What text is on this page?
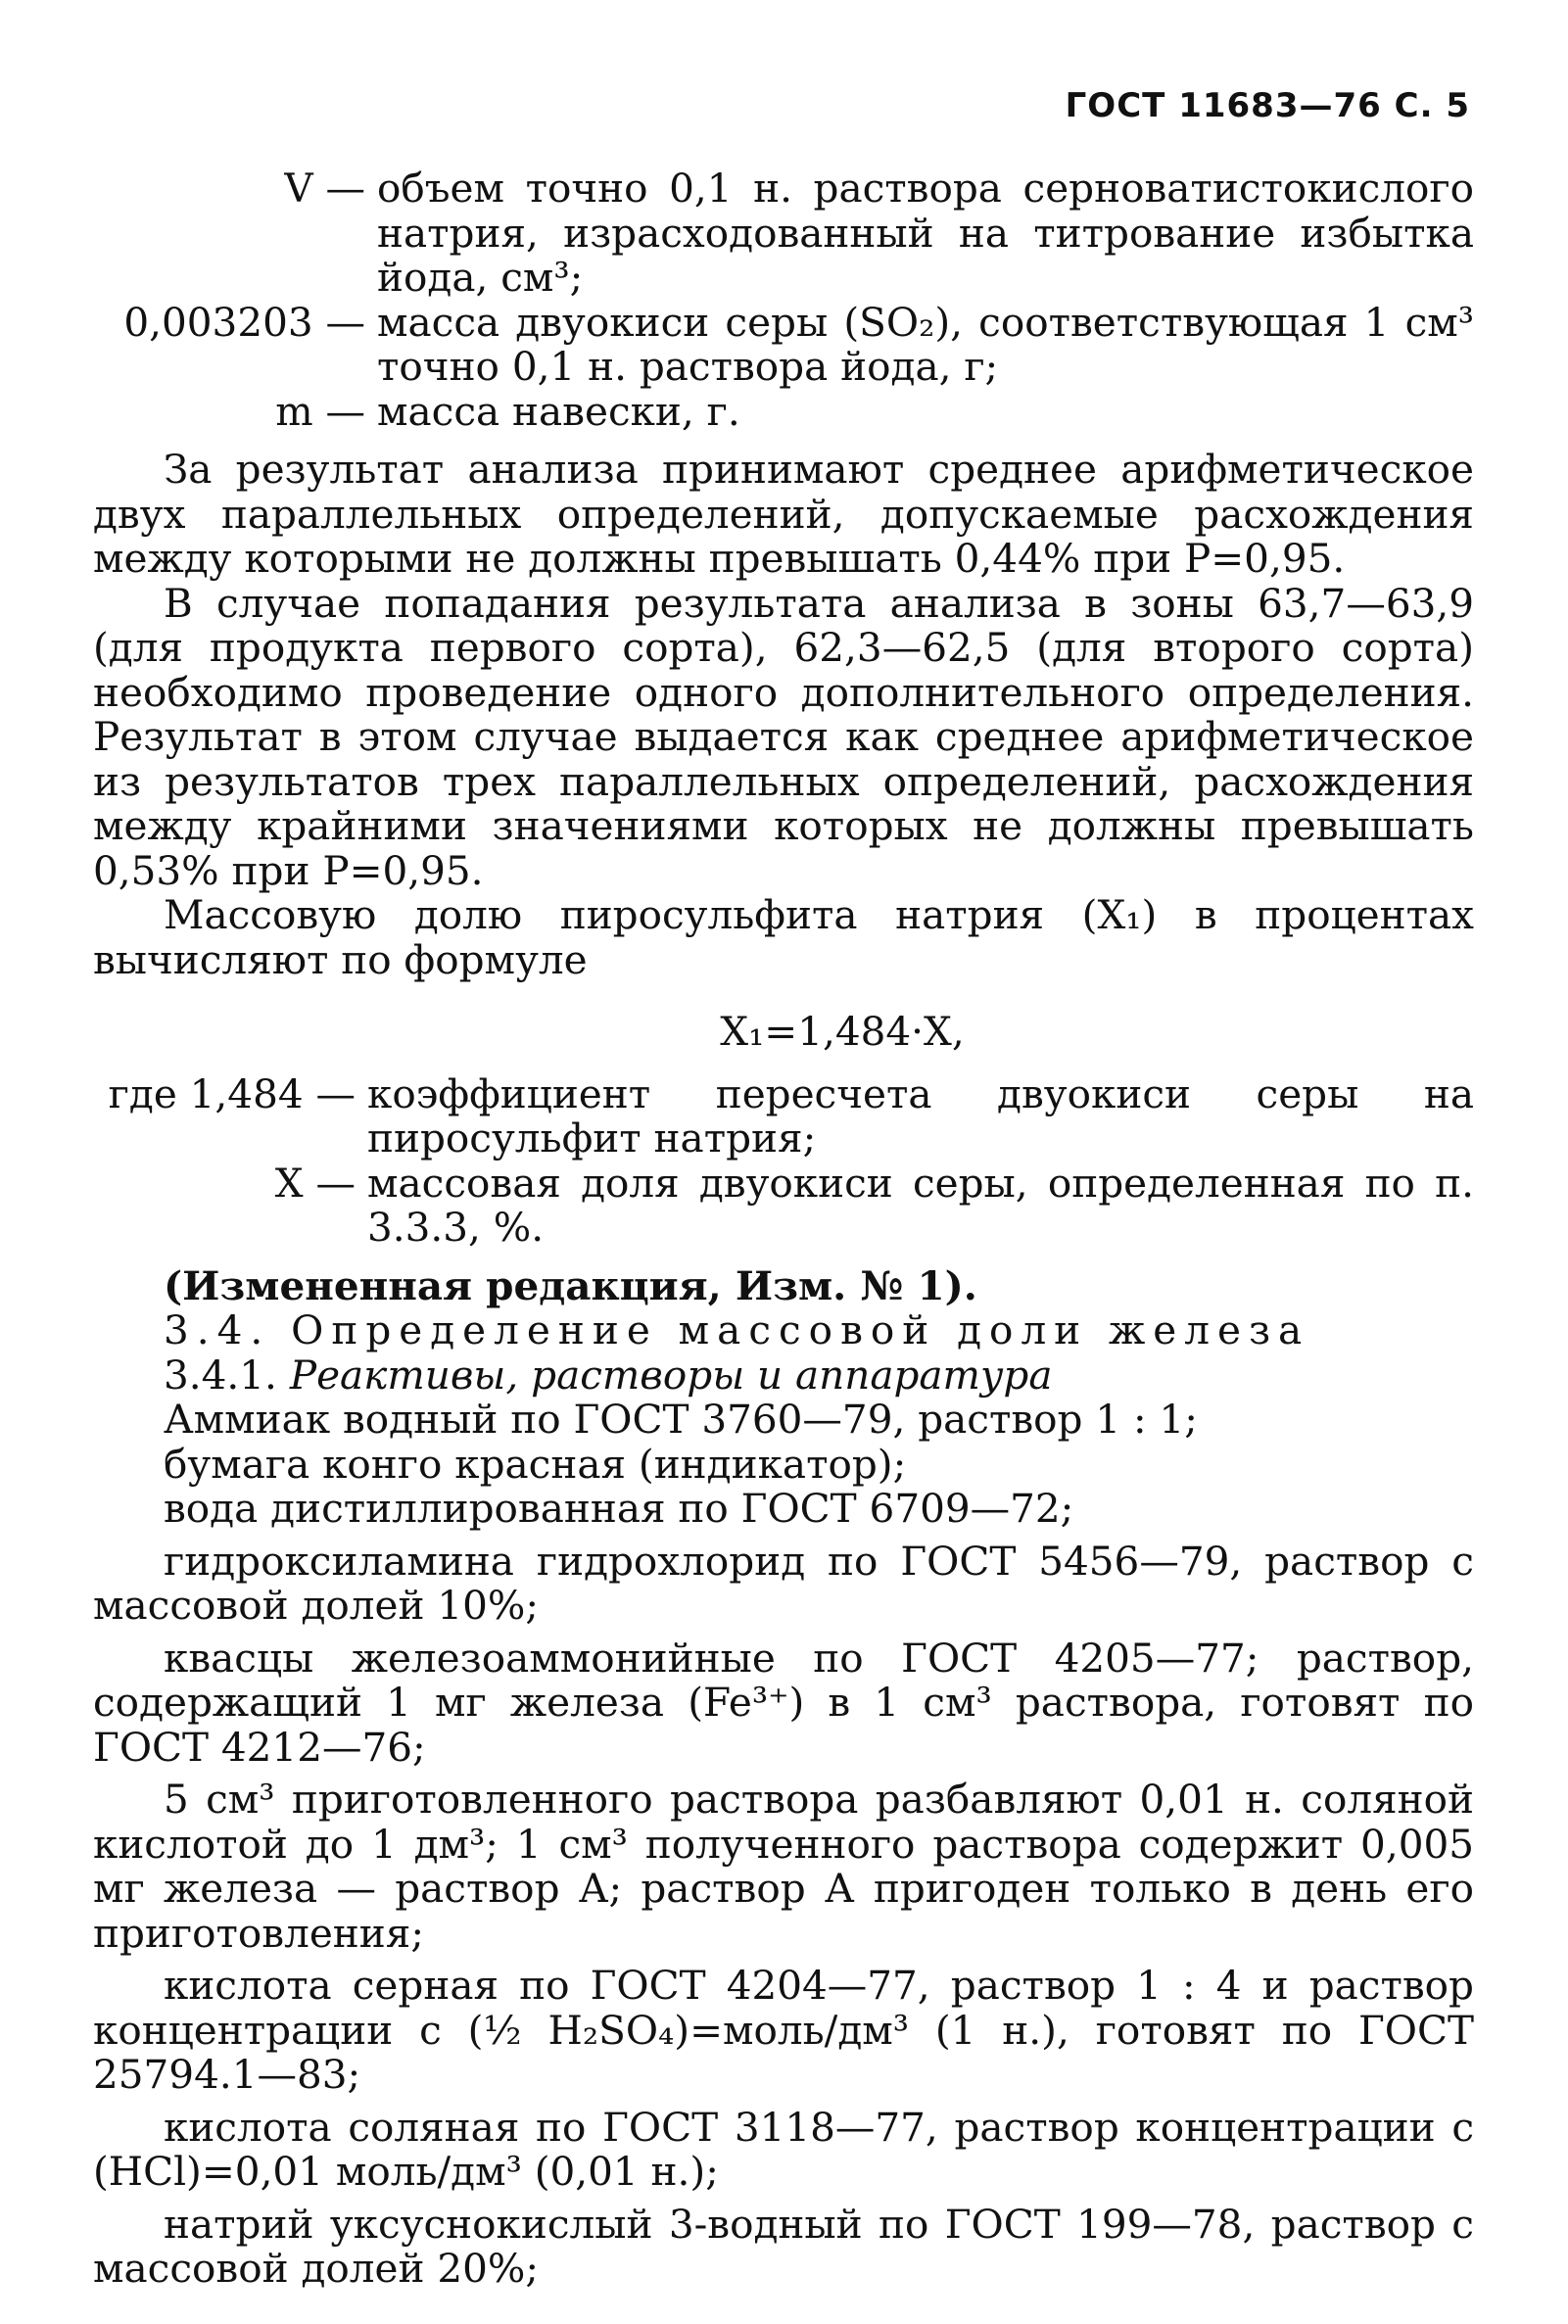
ГОСТ 11683—76 С. 5
V — объем точно 0,1 н. раствора серноватистокислого натрия, израсходованный на титрование избытка йода, см³;
0,003203 — масса двуокиси серы (SO₂), соответствующая 1 см³ точно 0,1 н. раствора йода, г;
m — масса навески, г.

За результат анализа принимают среднее арифметическое двух параллельных определений, допускаемые расхождения между которыми не должны превышать 0,44% при P=0,95.

В случае попадания результата анализа в зоны 63,7—63,9 (для продукта первого сорта), 62,3—62,5 (для второго сорта) необходимо проведение одного дополнительного определения. Результат в этом случае выдается как среднее арифметическое из результатов трех параллельных определений, расхождения между крайними значениями которых не должны превышать 0,53% при P=0,95.

Массовую долю пиросульфита натрия (X₁) в процентах вычисляют по формуле

X₁=1,484·X,
где 1,484 — коэффициент пересчета двуокиси серы на пиросульфит натрия;
X — массовая доля двуокиси серы, определенная по п. 3.3.3, %.

(Измененная редакция, Изм. № 1).

3.4. Определение массовой доли железа

3.4.1. Реактивы, растворы и аппаратура

Аммиак водный по ГОСТ 3760—79, раствор 1 : 1;

бумага конго красная (индикатор);

вода дистиллированная по ГОСТ 6709—72;

гидроксиламина гидрохлорид по ГОСТ 5456—79, раствор с массовой долей 10%;

квасцы железоаммонийные по ГОСТ 4205—77; раствор, содержащий 1 мг железа (Fe³⁺) в 1 см³ раствора, готовят по ГОСТ 4212—76;

5 см³ приготовленного раствора разбавляют 0,01 н. соляной кислотой до 1 дм³; 1 см³ полученного раствора содержит 0,005 мг железа — раствор А; раствор А пригоден только в день его приготовления;

кислота серная по ГОСТ 4204—77, раствор 1 : 4 и раствор концентрации c (½ H₂SO₄)=моль/дм³ (1 н.), готовят по ГОСТ 25794.1—83;

кислота соляная по ГОСТ 3118—77, раствор концентрации c (HCl)=0,01 моль/дм³ (0,01 н.);

натрий уксуснокислый 3-водный по ГОСТ 199—78, раствор с массовой долей 20%;
